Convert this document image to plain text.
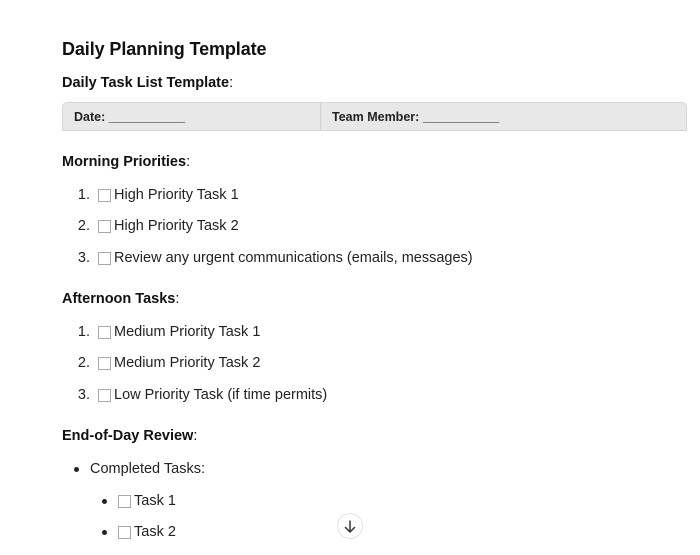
Daily Planning Template
Daily Task List Template:
Date: ___________	Team Member: ___________
Morning Priorities:
1. High Priority Task 1
2. High Priority Task 2
3. Review any urgent communications (emails, messages)
Afternoon Tasks:
1. Medium Priority Task 1
2. Medium Priority Task 2
3. Low Priority Task (if time permits)
End-of-Day Review:
Completed Tasks:
Task 1
Task 2
